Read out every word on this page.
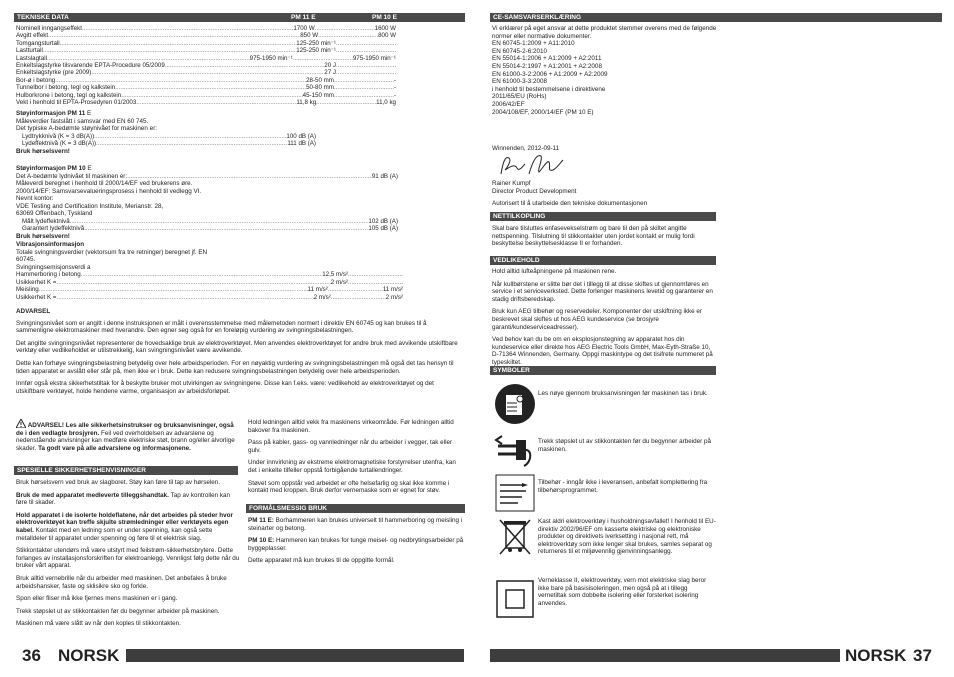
TEKNISKE DATA	PM 11 E	PM 10 E
Nominell inngangseffekt .....	1700 W .....	1600 W
Avgitt effekt .....	850 W .....	800 W
Tomgangsturtall .....	125-250 min⁻¹
.....
Lastturtall .....	125-250 min⁻¹
.....
Lastslagtall .....	975-1950 min⁻¹ .....	975-1950 min⁻¹
Enkeltslagstyrke tilsvarende EPTA-Procedure 05/2009 .....	20 J
.....
Enkeltslagstyrke (pre 2009) .....	27 J
.....
Bor-ø i betong .....	28-50 mm .....	-
Tunnelbor i betong, tegl og kalkstein .....	50-80 mm .....	-
Hulborkrone i betong, tegl og kalkstein .....	45-150 mm .....	-
Vekt i henhold til EPTA-Prosedyren 01/2003 .....	11,8 kg .....	11,0 kg
Støyinformasjon PM 11 E
Måleverdier fastslått i samsvar med EN 60 745.
Det typiske A-bedømte støynivået for maskinen er:
Lydtrykknivå (K = 3 dB(A)) .....	100 dB (A)
Lydeffektnivå (K = 3 dB(A)) .....	111 dB (A)
Bruk hørselsvern!
Støyinformasjon PM 10 E
Det A-bedømte lydnivået til maskinen er: .....	91 dB (A)
Måleverdi beregnet i henhold til 2000/14/EF ved brukerens øre.
2000/14/EF: Samsvarsevalueringsprosess i henhold til vedlegg VI.
Nevnt kontor:
VDE Testing and Certification Institute, Merianstr. 28,
63069 Offenbach, Tyskland
Målt lydeffektnivå .....	102 dB (A)
Garantert lydeffektnivå .....	105 dB (A)
Bruk hørselsvern!
Vibrasjonsinformasjon
Totale svingningsverdier (vektorsum fra tre retninger) beregnet jf. EN
60745.
Svingningsemisjonsverdi a
Hammerboring i betong .....	12,5 m/s²
.....
Usikkerhet K = .....	2 m/s²
.....
Meisling .....	11 m/s² .....	11 m/s²
Usikkerhet K = .....	2 m/s² .....	2 m/s²
ADVARSEL
Svingningsnivået som er angitt i denne instruksjonen er målt i overensstemmelse med målemetoden normert i direktiv EN 60745 og kan brukes til å sammenligne elektromaskiner med hverandre. Den egner seg også for en foreløpig vurdering av svingningsbelastningen.
Det angitte svingningsnivået representerer de hovedsaklige bruk av elektroverktøyet. Men anvendes elektroverktøyet for andre bruk med avvikende utskiftbare verktøy eller vedlikeholdet er utilstrekkelig, kan svingningsnivået være avvikende.
Dette kan forhøye svingningsbelastning betydelig over hele arbeidsperioden. For en nøyaktig vurdering av svingningsbelastningen må også det tas hensyn til tiden apparatet er avslått eller står på, men ikke er i bruk. Dette kan redusere svingningsbelastningen betydelig over hele arbeidsperioden.
Innfør også ekstra sikkerhetstiltak for å beskytte bruker mot utvirkingen av svingningene. Disse kan f.eks. være: vedlikehold av elektroverktøyet og det utskiftbare verktøyet, holde hendene varme, organisasjon av arbeidsforløpet.
ADVARSEL! Les alle sikkerhetsinstrukser og bruksanvisninger, også de i den vedlagte brosjyren. Feil ved overholdelsen av advarslene og nedenstående anvisninger kan medføre elektriske støt, brann og/eller alvorlige skader. Ta godt vare på alle advarslene og informasjonene.
SPESIELLE SIKKERHETSHENVISNINGER
Bruk hørselsvern ved bruk av slagboret. Støy kan føre til tap av hørselen.
Bruk de med apparatet medleverte tilleggshandtak. Tap av kontrollen kan føre til skader.
Hold apparatet i de isolerte holdeflatene, når det arbeides på steder hvor elektroverktøyet kan treffe skjulte strømledninger eller verktøyets egen kabel. Kontakt med en ledning som er under spenning, kan også sette metalldeler til apparatet under spenning og føre til et elektrisk slag.
Stikkontakter utendørs må være utstyrt med feilstrøm-sikkerhetsbrytere. Dette forlanges av installasjonsforskriften for elektroanlegg. Vennligst følg dette når du bruker vårt apparat.
Bruk alltid vernebrille når du arbeider med maskinen. Det anbefales å bruke arbeidshansker, faste og sklisikre sko og forkle.
Spon eller fliser må ikke fjernes mens maskinen er i gang.
Trekk støpslet ut av stikkontakten før du begynner arbeider på maskinen.
Maskinen må være slått av når den koples til stikkontakten.
Hold ledningen alltid vekk fra maskinens virkeområde. Før ledningen alltid bakover fra maskinen.
Pass på kabler, gass- og vannledninger når du arbeider i vegger, tak eller gulv.
Under innvirkning av ekstreme elektromagnetiske forstyrrelser utenfra, kan det i enkelte tilfeller oppstå forbigående turtallendringer.
Støvet som oppstår ved arbeidet er ofte helsefarlig og skal ikke komme i kontakt med kroppen. Bruk derfor vernemaske som er egnet for støv.
FORMÅLSMESSIG BRUK
PM 11 E: Borhammeren kan brukes universelt til hammerboring og meisling i steinarter og betong.
PM 10 E: Hammeren kan brukes for tunge meisel- og nedbrytingsarbeider på byggeplasser.
Dette apparatet må kun brukes til de oppgitte formål.
36 NORSK
CE-SAMSVARSERKLÆRING
Vi erklærer på eget ansvar at dette produktet stemmer overens med de følgende normer eller normative dokumenter.
EN 60745-1:2009 + A11:2010
EN 60745-2-6:2010
EN 55014-1:2006 + A1:2009 + A2:2011
EN 55014-2:1997 + A1:2001 + A2:2008
EN 61000-3-2:2006 + A1:2009 + A2:2009
EN 61000-3-3:2008
i henhold til bestemmelsene i direktivene
2011/65/EU (RoHs)
2006/42/EF
2004/108/EF, 2000/14/EF (PM 10 E)
Winnenden, 2012-09-11
Rainer Kumpf
Director Product Development
Autorisert til å utarbeide den tekniske dokumentasjonen
NETTILKOPLING
Skal bare tilsluttes enfasevekselstrøm og bare til den på skiltet angitte nettspenning. Tilslutning til stikkontakter uten jordet kontakt er mulig fordi beskyttelse beskyttelsesklasse II er forhanden.
VEDLIKEHOLD
Hold alltid lufteåpningene på maskinen rene.
Når kullbørstene er slitte bør det i tillegg til at disse skiftes ut gjennomføres en service i et serviceverksted. Dette forlenger maskinens levetid og garanterer en stadig driftsberedskap.
Bruk kun AEG tilbehør og reservedeler. Komponenter der utskiftning ikke er beskrevet skal skiftes ut hos AEG kundeservice (se brosjyre garanti/kundeserviceadresser).
Ved behov kan du be om en eksplosjonstegning av apparatet hos din kundeservice eller direkte hos AEG Electric Tools GmbH, Max-Eyth-Straße 10, D-71364 Winnenden, Germany. Oppgi maskintype og det tisifrete nummeret på typeskiltet.
SYMBOLER
Les nøye gjennom bruksanvisningen før maskinen tas i bruk.
Trekk støpslet ut av stikkontakten før du begynner arbeider på maskinen.
Tilbehør - inngår ikke i leveransen, anbefalt komplettering fra tilbehørsprogrammet.
Kast aldri elektroverktøy i husholdningsavfallet! I henhold til EU-direktiv 2002/96/EF om kasserte elektriske og elektroniske produkter og direktivets iverksetting i nasjonal rett, må elektroverktøy som ikke lenger skal brukes, samles separat og returneres til et miljøvennlig gjenvinningsanlegg.
Verneklasse II, elektroverktøy, vern mot elektriske slag beror ikke bare på basisisoleringen, men også på at i tillegg vernetiltak som dobbelte isolering eller forsterket isolering anvendes.
NORSK 37
